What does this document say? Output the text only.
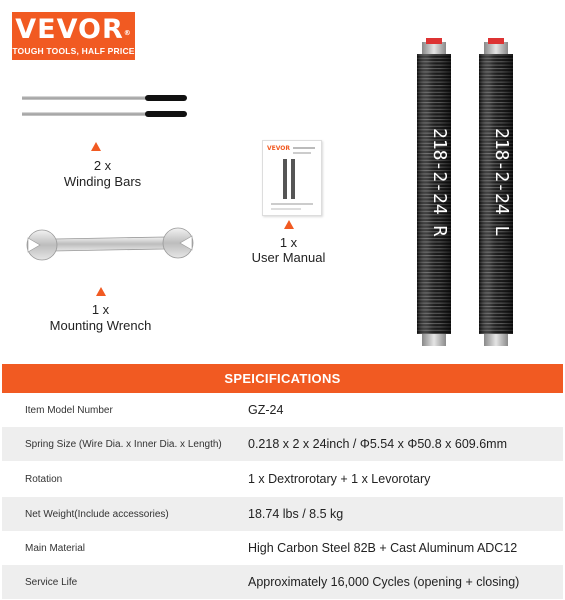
VEVOR®
TOUGH TOOLS, HALF PRICE
2 x
Winding Bars
1 x
Mounting Wrench
VEVOR
1 x
User Manual
218-2-24 R 218-2-24 L
SPEICIFICATIONS
Item Model Number	GZ-24
Spring Size (Wire Dia. x Inner Dia. x Length)	0.218 x 2 x 24inch / Φ5.54 x Φ50.8 x 609.6mm
Rotation	1 x Dextrorotary + 1 x Levorotary
Net Weight(Include accessories)	18.74 lbs / 8.5 kg
Main Material	High Carbon Steel 82B + Cast Aluminum ADC12
Service Life	Approximately 16,000 Cycles (opening + closing)
